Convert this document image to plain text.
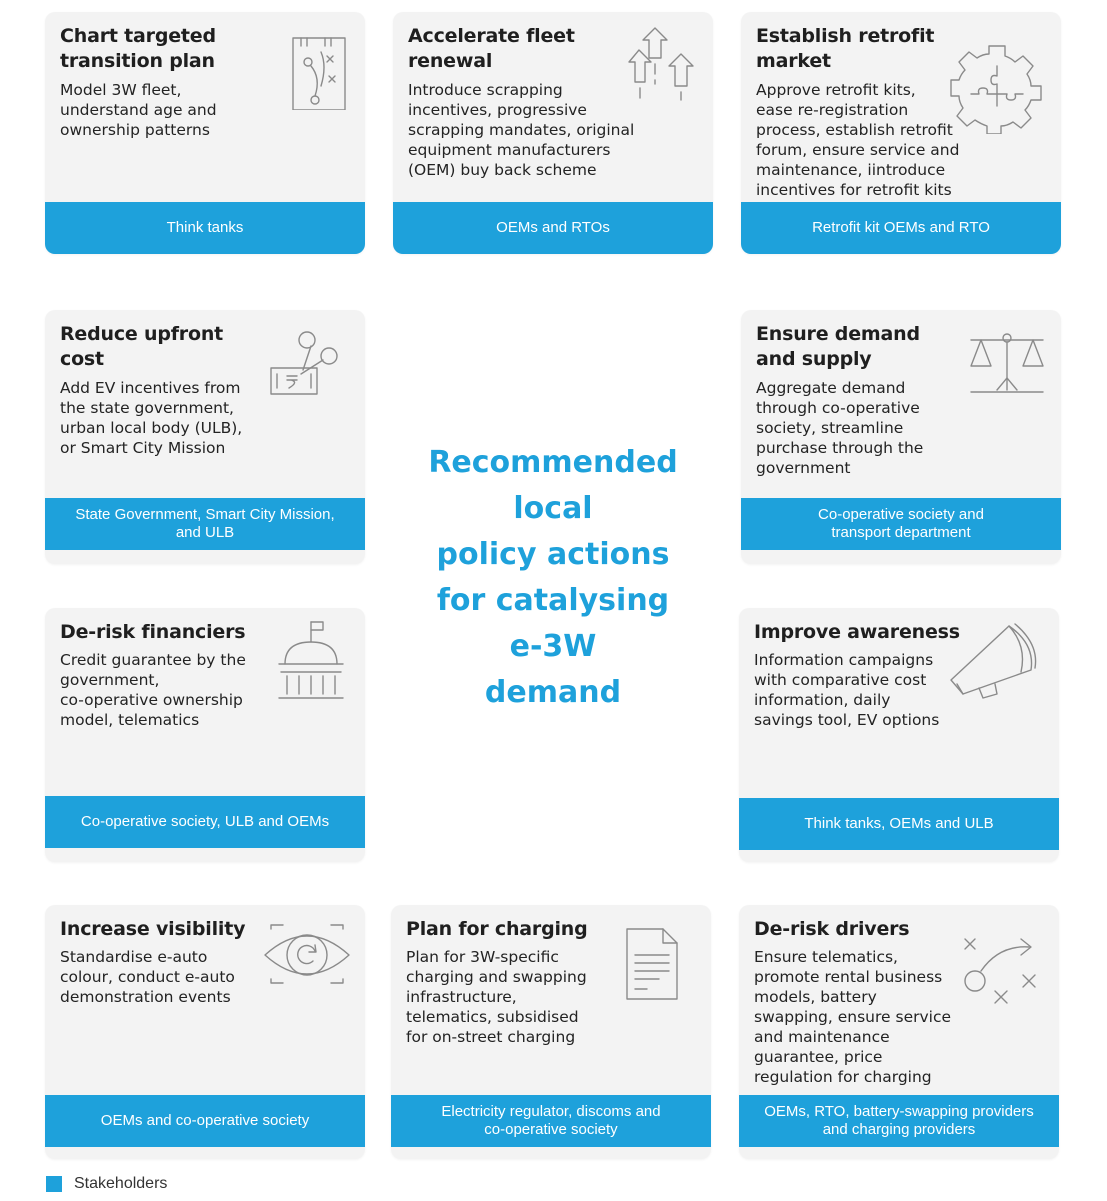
Chart targeted
transition plan
Model 3W fleet,
understand age and
ownership patterns
Think tanks
Accelerate fleet
renewal
Introduce scrapping
incentives, progressive
scrapping mandates, original
equipment manufacturers
(OEM) buy back scheme
OEMs and RTOs
Establish retrofit
market
Approve retrofit kits,
ease re-registration
process, establish retrofit
forum, ensure service and
maintenance, iintroduce
incentives for retrofit kits
Retrofit kit OEMs and RTO
Reduce upfront
cost
Add EV incentives from
the state government,
urban local body (ULB),
or Smart City Mission
State Government, Smart City Mission,
and ULB
Recommended
local
policy actions
for catalysing
e-3W
demand
Ensure demand
and supply
Aggregate demand
through co-operative
society, streamline
purchase through the
government
Co-operative society and
transport department
De-risk financiers
Credit guarantee by the
government,
co-operative ownership
model, telematics
Co-operative society, ULB and OEMs
Improve awareness
Information campaigns
with comparative cost
information, daily
savings tool, EV options
Think tanks, OEMs and ULB
Increase visibility
Standardise e-auto
colour, conduct e-auto
demonstration events
OEMs and co-operative society
Plan for charging
Plan for 3W-specific
charging and swapping
infrastructure,
telematics, subsidised
for on-street charging
Electricity regulator, discoms and
co-operative society
De-risk drivers
Ensure telematics,
promote rental business
models, battery
swapping, ensure service
and maintenance
guarantee, price
regulation for charging
OEMs, RTO, battery-swapping providers
and charging providers
Stakeholders
